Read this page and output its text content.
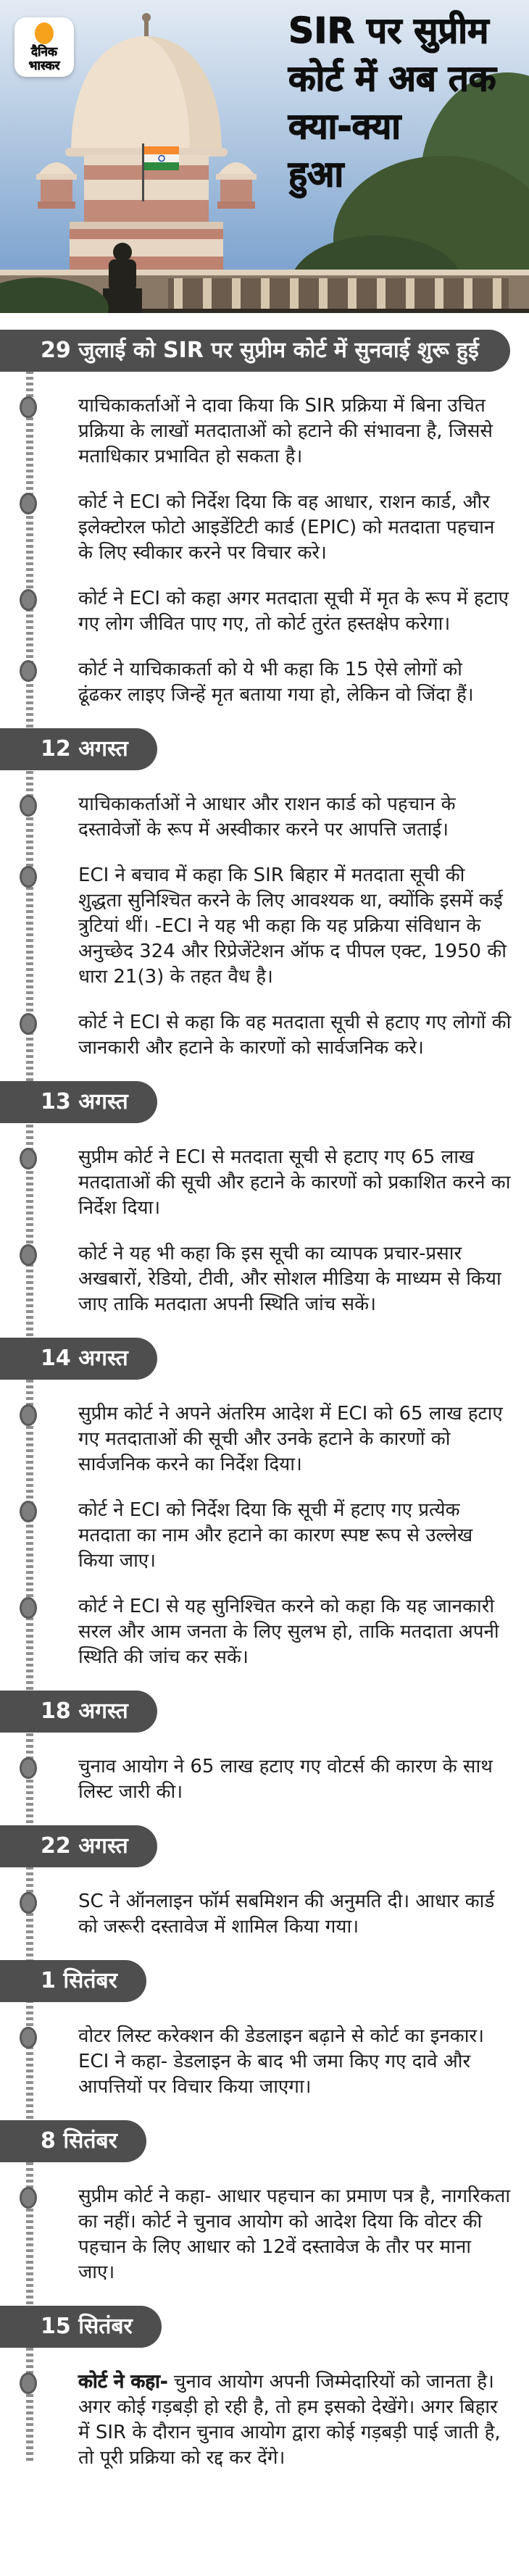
SIR पर सुप्रीम
कोर्ट में अब तक
क्या-क्या
हुआ
दैनिक
भास्कर
29 जुलाई को SIR पर सुप्रीम कोर्ट में सुनवाई शुरू हुई

याचिकाकर्ताओं ने दावा किया कि SIR प्रक्रिया में बिना उचित प्रक्रिया के लाखों मतदाताओं को हटाने की संभावना है, जिससे मताधिकार प्रभावित हो सकता है।

कोर्ट ने ECI को निर्देश दिया कि वह आधार, राशन कार्ड, और इलेक्टोरल फोटो आइडेंटिटी कार्ड (EPIC) को मतदाता पहचान के लिए स्वीकार करने पर विचार करे।

कोर्ट ने ECI को कहा अगर मतदाता सूची में मृत के रूप में हटाए गए लोग जीवित पाए गए, तो कोर्ट तुरंत हस्तक्षेप करेगा।

कोर्ट ने याचिकाकर्ता को ये भी कहा कि 15 ऐसे लोगों को ढूंढकर लाइए जिन्हें मृत बताया गया हो, लेकिन वो जिंदा हैं।

12 अगस्त

याचिकाकर्ताओं ने आधार और राशन कार्ड को पहचान के दस्तावेजों के रूप में अस्वीकार करने पर आपत्ति जताई।

ECI ने बचाव में कहा कि SIR बिहार में मतदाता सूची की शुद्धता सुनिश्चित करने के लिए आवश्यक था, क्योंकि इसमें कई त्रुटियां थीं। -ECI ने यह भी कहा कि यह प्रक्रिया संविधान के अनुच्छेद 324 और रिप्रेजेंटेशन ऑफ द पीपल एक्ट, 1950 की धारा 21(3) के तहत वैध है।

कोर्ट ने ECI से कहा कि वह मतदाता सूची से हटाए गए लोगों की जानकारी और हटाने के कारणों को सार्वजनिक करे।

13 अगस्त

सुप्रीम कोर्ट ने ECI से मतदाता सूची से हटाए गए 65 लाख मतदाताओं की सूची और हटाने के कारणों को प्रकाशित करने का निर्देश दिया।

कोर्ट ने यह भी कहा कि इस सूची का व्यापक प्रचार-प्रसार अखबारों, रेडियो, टीवी, और सोशल मीडिया के माध्यम से किया जाए ताकि मतदाता अपनी स्थिति जांच सकें।

14 अगस्त

सुप्रीम कोर्ट ने अपने अंतरिम आदेश में ECI को 65 लाख हटाए गए मतदाताओं की सूची और उनके हटाने के कारणों को सार्वजनिक करने का निर्देश दिया।

कोर्ट ने ECI को निर्देश दिया कि सूची में हटाए गए प्रत्येक मतदाता का नाम और हटाने का कारण स्पष्ट रूप से उल्लेख किया जाए।

कोर्ट ने ECI से यह सुनिश्चित करने को कहा कि यह जानकारी सरल और आम जनता के लिए सुलभ हो, ताकि मतदाता अपनी स्थिति की जांच कर सकें।

18 अगस्त

चुनाव आयोग ने 65 लाख हटाए गए वोटर्स की कारण के साथ लिस्ट जारी की।

22 अगस्त

SC ने ऑनलाइन फॉर्म सबमिशन की अनुमति दी। आधार कार्ड को जरूरी दस्तावेज में शामिल किया गया।

1 सितंबर

वोटर लिस्ट करेक्शन की डेडलाइन बढ़ाने से कोर्ट का इनकार। ECI ने कहा- डेडलाइन के बाद भी जमा किए गए दावे और आपत्तियों पर विचार किया जाएगा।

8 सितंबर

सुप्रीम कोर्ट ने कहा- आधार पहचान का प्रमाण पत्र है, नागरिकता का नहीं। कोर्ट ने चुनाव आयोग को आदेश दिया कि वोटर की पहचान के लिए आधार को 12वें दस्तावेज के तौर पर माना जाए।

15 सितंबर

कोर्ट ने कहा- चुनाव आयोग अपनी जिम्मेदारियों को जानता है। अगर कोई गड़बड़ी हो रही है, तो हम इसको देखेंगे। अगर बिहार में SIR के दौरान चुनाव आयोग द्वारा कोई गड़बड़ी पाई जाती है, तो पूरी प्रक्रिया को रद्द कर देंगे।
